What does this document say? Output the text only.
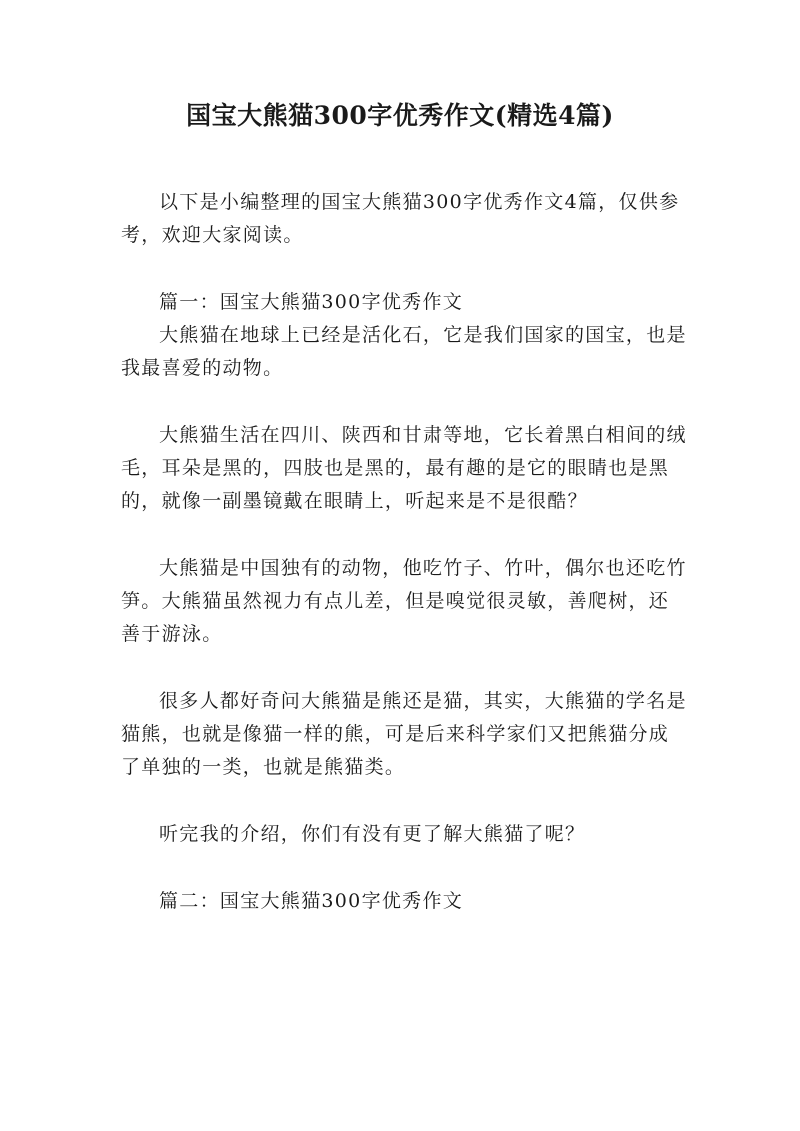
国宝大熊猫300字优秀作文(精选4篇)

以下是小编整理的国宝大熊猫300字优秀作文4篇，仅供参考，欢迎大家阅读。

篇一：国宝大熊猫300字优秀作文

大熊猫在地球上已经是活化石，它是我们国家的国宝，也是我最喜爱的动物。

大熊猫生活在四川、陕西和甘肃等地，它长着黑白相间的绒毛，耳朵是黑的，四肢也是黑的，最有趣的是它的眼睛也是黑的，就像一副墨镜戴在眼睛上，听起来是不是很酷？

大熊猫是中国独有的动物，他吃竹子、竹叶，偶尔也还吃竹笋。大熊猫虽然视力有点儿差，但是嗅觉很灵敏，善爬树，还善于游泳。

很多人都好奇问大熊猫是熊还是猫，其实，大熊猫的学名是猫熊，也就是像猫一样的熊，可是后来科学家们又把熊猫分成了单独的一类，也就是熊猫类。

听完我的介绍，你们有没有更了解大熊猫了呢？

篇二：国宝大熊猫300字优秀作文
